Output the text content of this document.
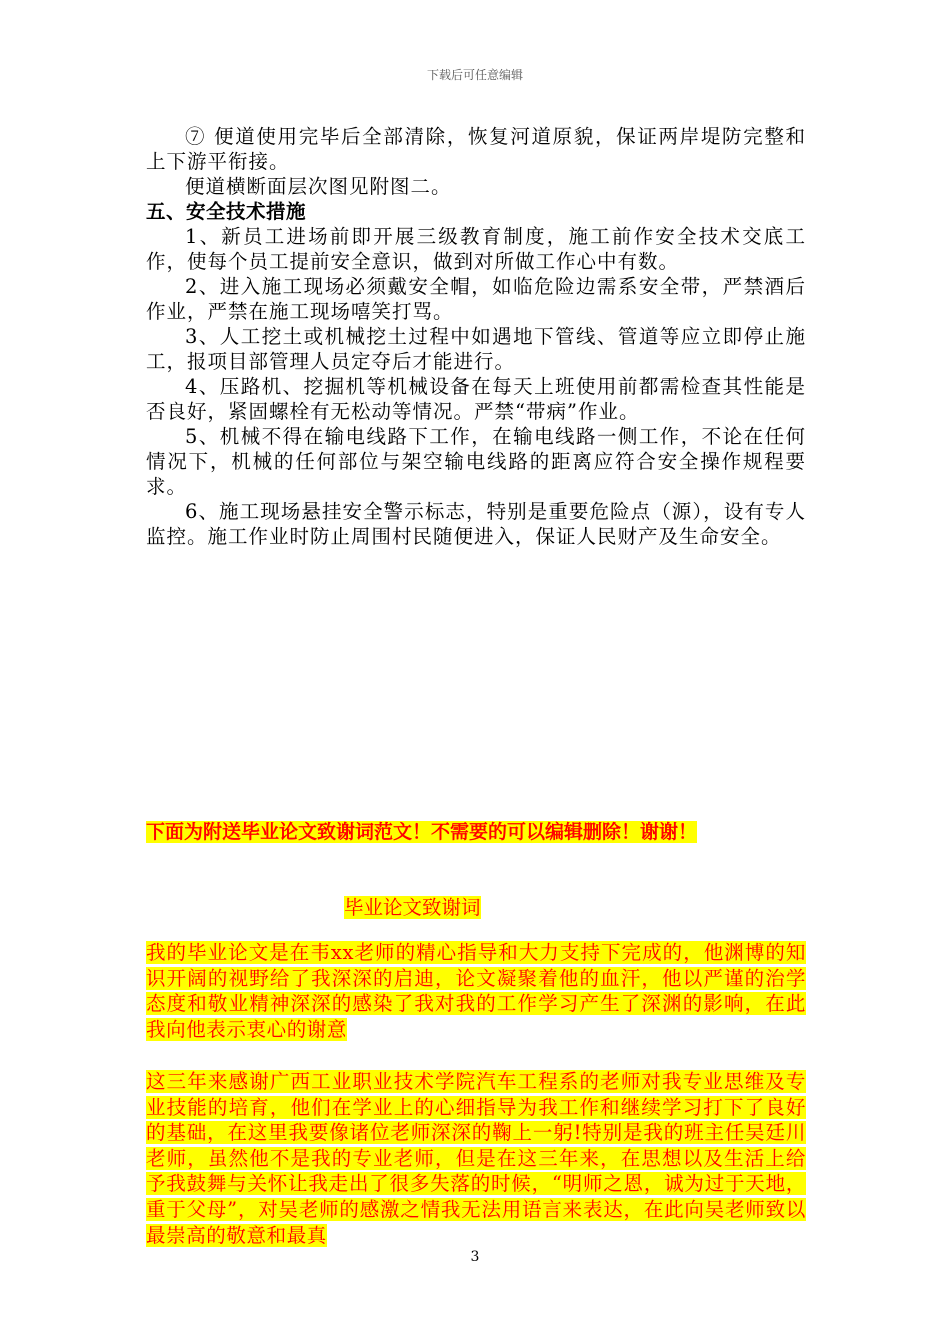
下载后可任意编辑

⑦ 便道使用完毕后全部清除，恢复河道原貌，保证两岸堤防完整和上下游平衔接。

便道横断面层次图见附图二。

五、安全技术措施

1、新员工进场前即开展三级教育制度，施工前作安全技术交底工作，使每个员工提前安全意识，做到对所做工作心中有数。

2、进入施工现场必须戴安全帽，如临危险边需系安全带，严禁酒后作业，严禁在施工现场嘻笑打骂。

3、人工挖土或机械挖土过程中如遇地下管线、管道等应立即停止施工，报项目部管理人员定夺后才能进行。

4、压路机、挖掘机等机械设备在每天上班使用前都需检查其性能是否良好，紧固螺栓有无松动等情况。严禁“带病”作业。

5、机械不得在输电线路下工作，在输电线路一侧工作，不论在任何情况下，机械的任何部位与架空输电线路的距离应符合安全操作规程要求。

6、施工现场悬挂安全警示标志，特别是重要危险点（源），设有专人监控。施工作业时防止周围村民随便进入，保证人民财产及生命安全。

下面为附送毕业论文致谢词范文！不需要的可以编辑删除！谢谢！
毕业论文致谢词

我的毕业论文是在韦xx老师的精心指导和大力支持下完成的，他渊博的知识开阔的视野给了我深深的启迪，论文凝聚着他的血汗，他以严谨的治学态度和敬业精神深深的感染了我对我的工作学习产生了深渊的影响，在此我向他表示衷心的谢意

这三年来感谢广西工业职业技术学院汽车工程系的老师对我专业思维及专业技能的培育，他们在学业上的心细指导为我工作和继续学习打下了良好的基础，在这里我要像诸位老师深深的鞠上一躬!特别是我的班主任吴廷川老师，虽然他不是我的专业老师，但是在这三年来，在思想以及生活上给予我鼓舞与关怀让我走出了很多失落的时候，“明师之恩，诚为过于天地，重于父母”，对吴老师的感激之情我无法用语言来表达，在此向吴老师致以最崇高的敬意和最真

3
